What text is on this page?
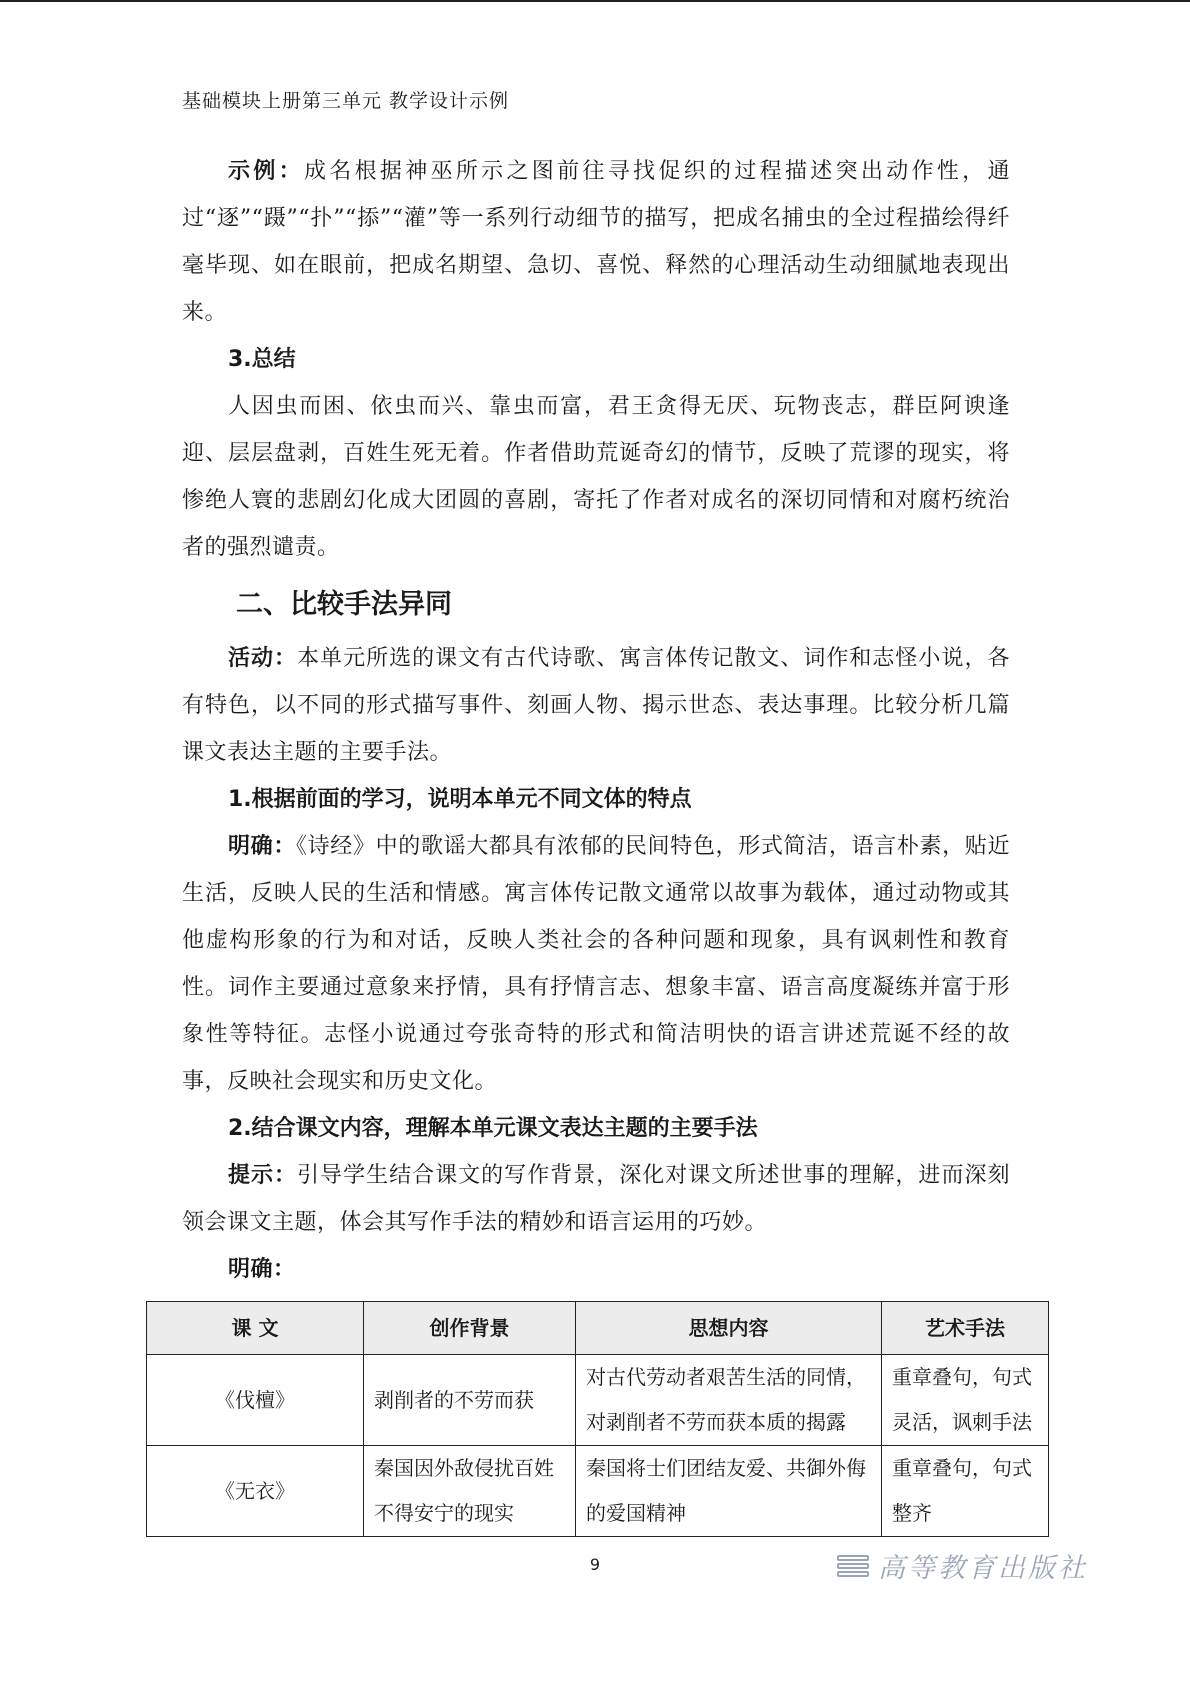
基础模块上册第三单元 教学设计示例

示例：成名根据神巫所示之图前往寻找促织的过程描述突出动作性，通过“逐”“蹑”“扑”“掭”“灌”等一系列行动细节的描写，把成名捕虫的全过程描绘得纤毫毕现、如在眼前，把成名期望、急切、喜悦、释然的心理活动生动细腻地表现出来。

3.总结

人因虫而困、依虫而兴、靠虫而富，君王贪得无厌、玩物丧志，群臣阿谀逢迎、层层盘剥，百姓生死无着。作者借助荒诞奇幻的情节，反映了荒谬的现实，将惨绝人寰的悲剧幻化成大团圆的喜剧，寄托了作者对成名的深切同情和对腐朽统治者的强烈谴责。

二、比较手法异同

活动：本单元所选的课文有古代诗歌、寓言体传记散文、词作和志怪小说，各有特色，以不同的形式描写事件、刻画人物、揭示世态、表达事理。比较分析几篇课文表达主题的主要手法。

1.根据前面的学习，说明本单元不同文体的特点

明确：《诗经》中的歌谣大都具有浓郁的民间特色，形式简洁，语言朴素，贴近生活，反映人民的生活和情感。寓言体传记散文通常以故事为载体，通过动物或其他虚构形象的行为和对话，反映人类社会的各种问题和现象，具有讽刺性和教育性。词作主要通过意象来抒情，具有抒情言志、想象丰富、语言高度凝练并富于形象性等特征。志怪小说通过夸张奇特的形式和简洁明快的语言讲述荒诞不经的故事，反映社会现实和历史文化。

2.结合课文内容，理解本单元课文表达主题的主要手法

提示：引导学生结合课文的写作背景，深化对课文所述世事的理解，进而深刻领会课文主题，体会其写作手法的精妙和语言运用的巧妙。

明确：

课 文	创作背景	思想内容	艺术手法
《伐檀》	剥削者的不劳而获	对古代劳动者艰苦生活的同情，对剥削者不劳而获本质的揭露	重章叠句，句式灵活，讽刺手法
《无衣》	秦国因外敌侵扰百姓不得安宁的现实	秦国将士们团结友爱、共御外侮的爱国精神	重章叠句，句式整齐
9	高等教育出版社
